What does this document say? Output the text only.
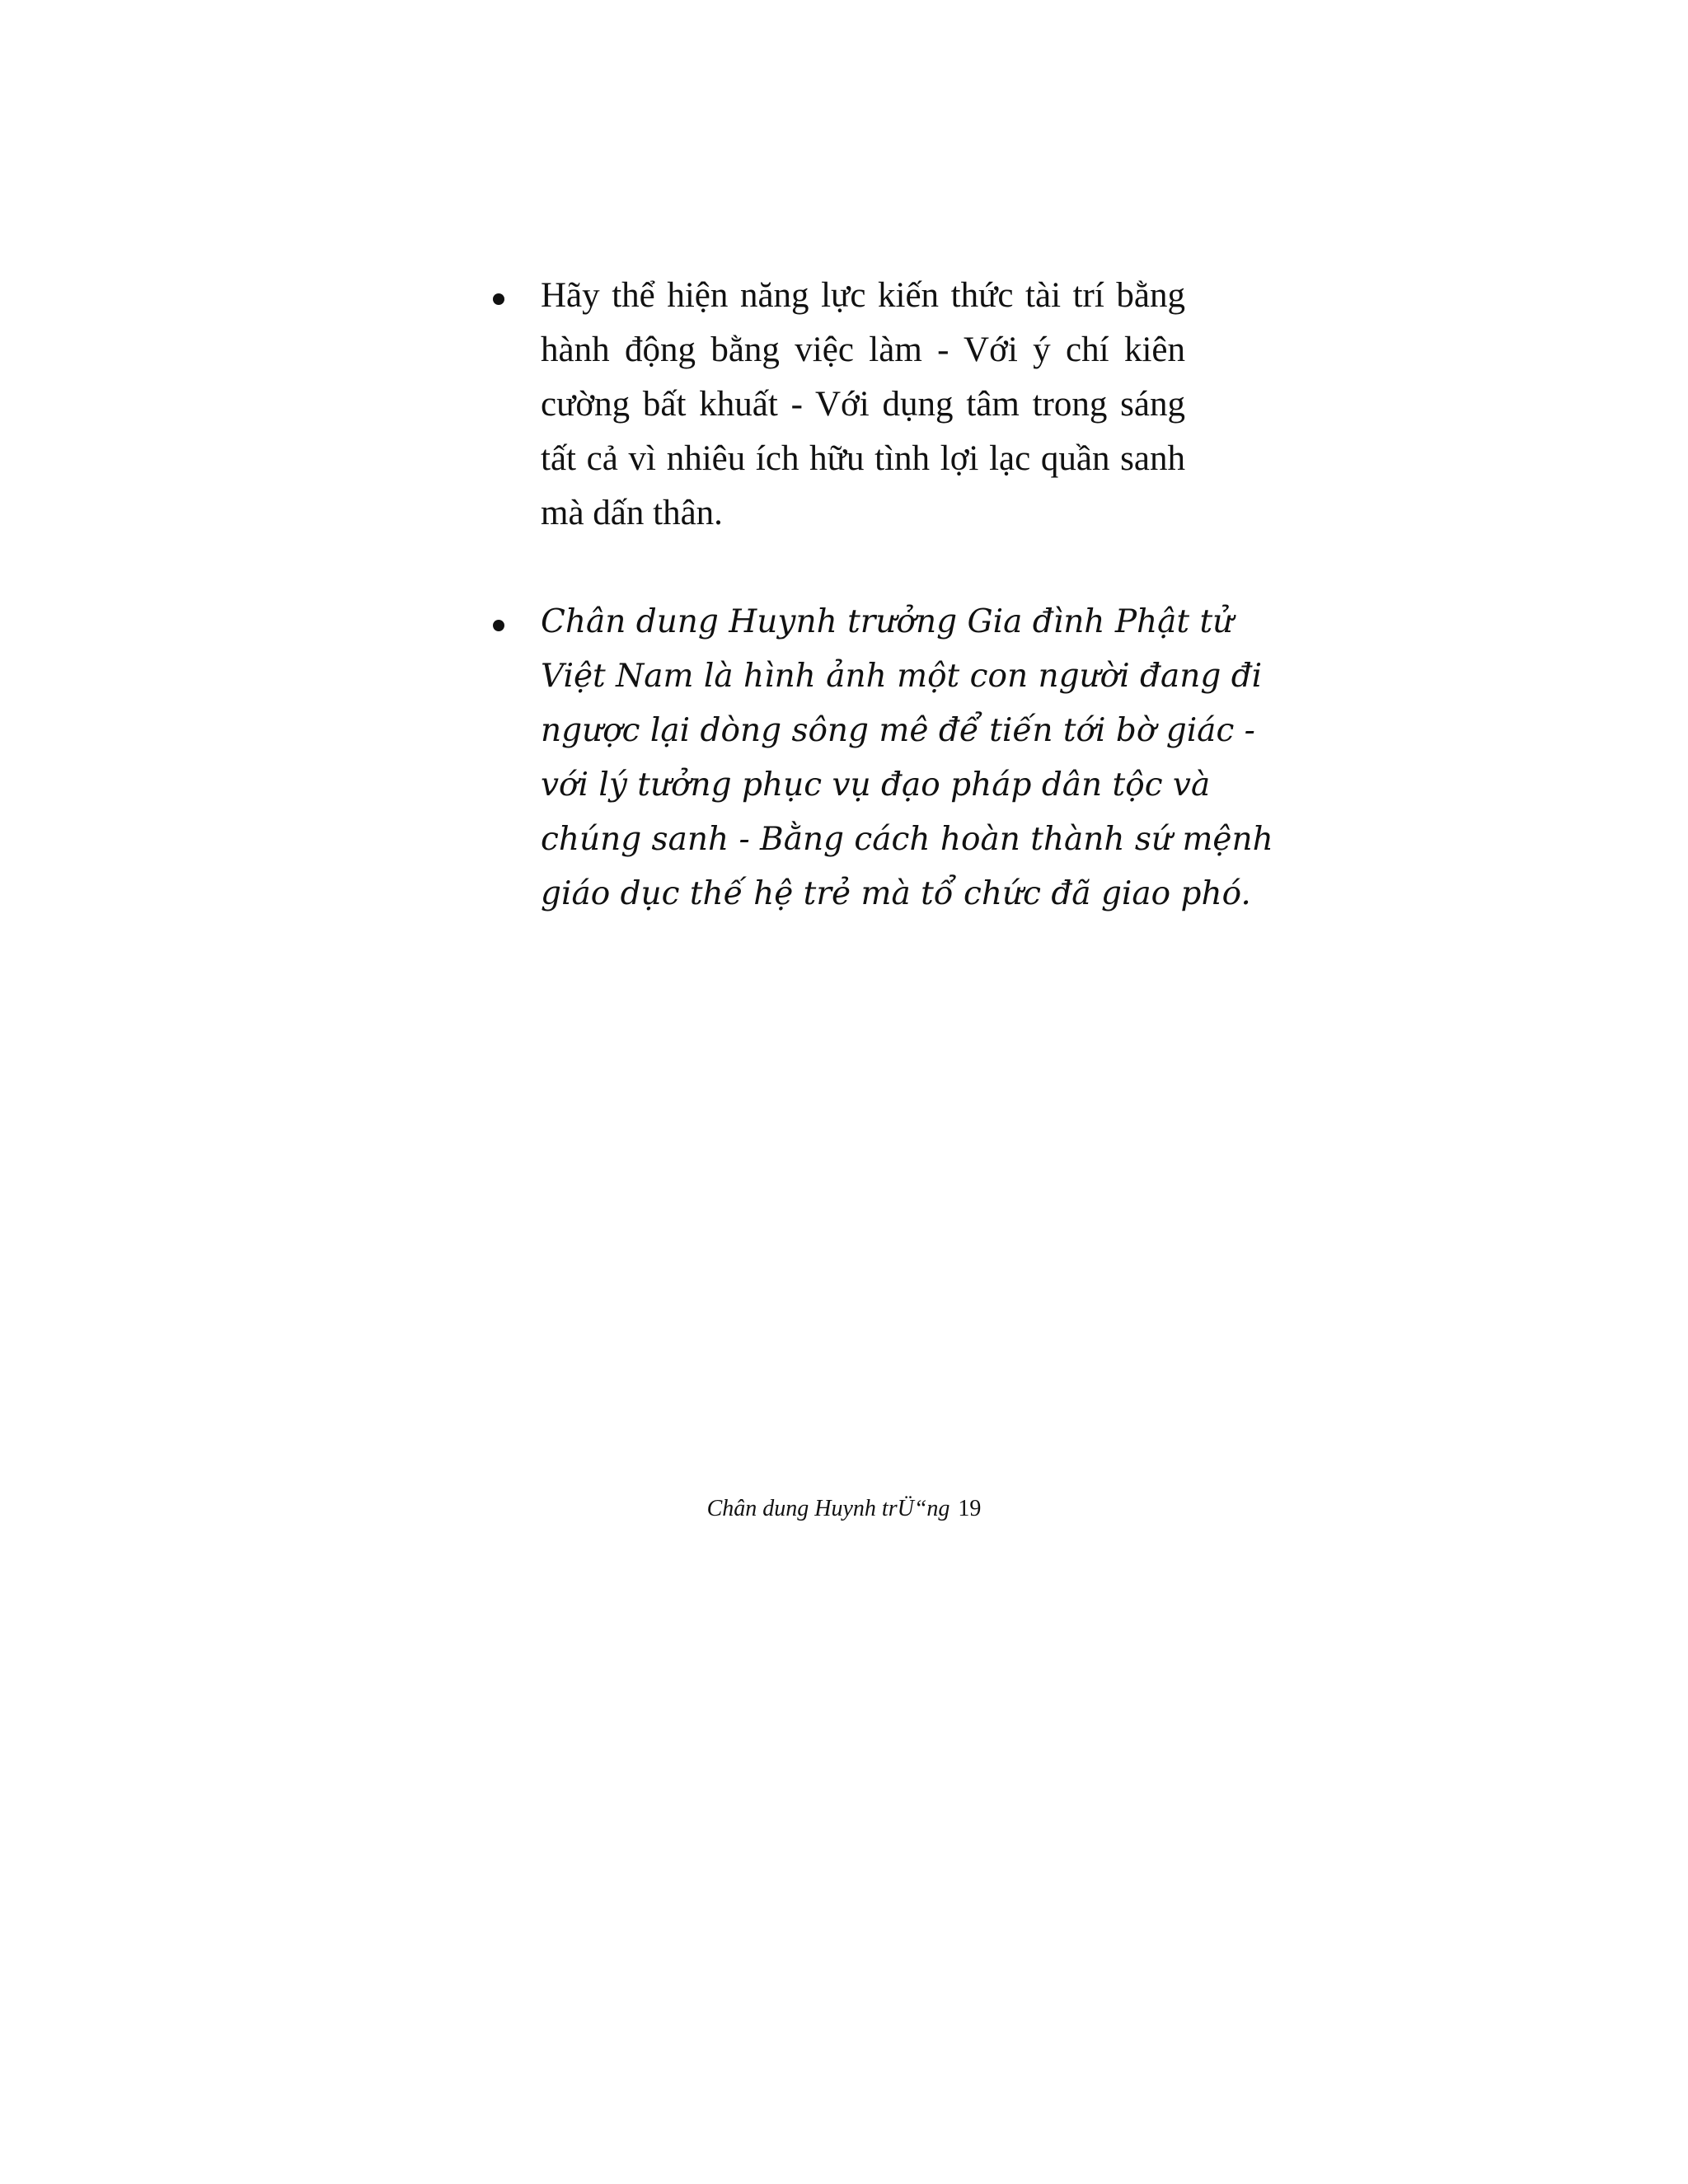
Hãy thể hiện năng lực kiến thức tài trí bằng
hành động bằng việc làm - Với ý chí kiên
cường bất khuất - Với dụng tâm trong sáng
tất cả vì nhiêu ích hữu tình lợi lạc quần sanh
mà dấn thân.

Chân dung Huynh trưởng Gia đình Phật tử
Việt Nam là hình ảnh một con người đang đi
ngược lại dòng sông mê để tiến tới bờ giác -
với lý tưởng phục vụ đạo pháp dân tộc và
chúng sanh - Bằng cách hoàn thành sứ mệnh
giáo dục thế hệ trẻ mà tổ chức đã giao phó.

Chân dung Huynh trÜ“ng 19
